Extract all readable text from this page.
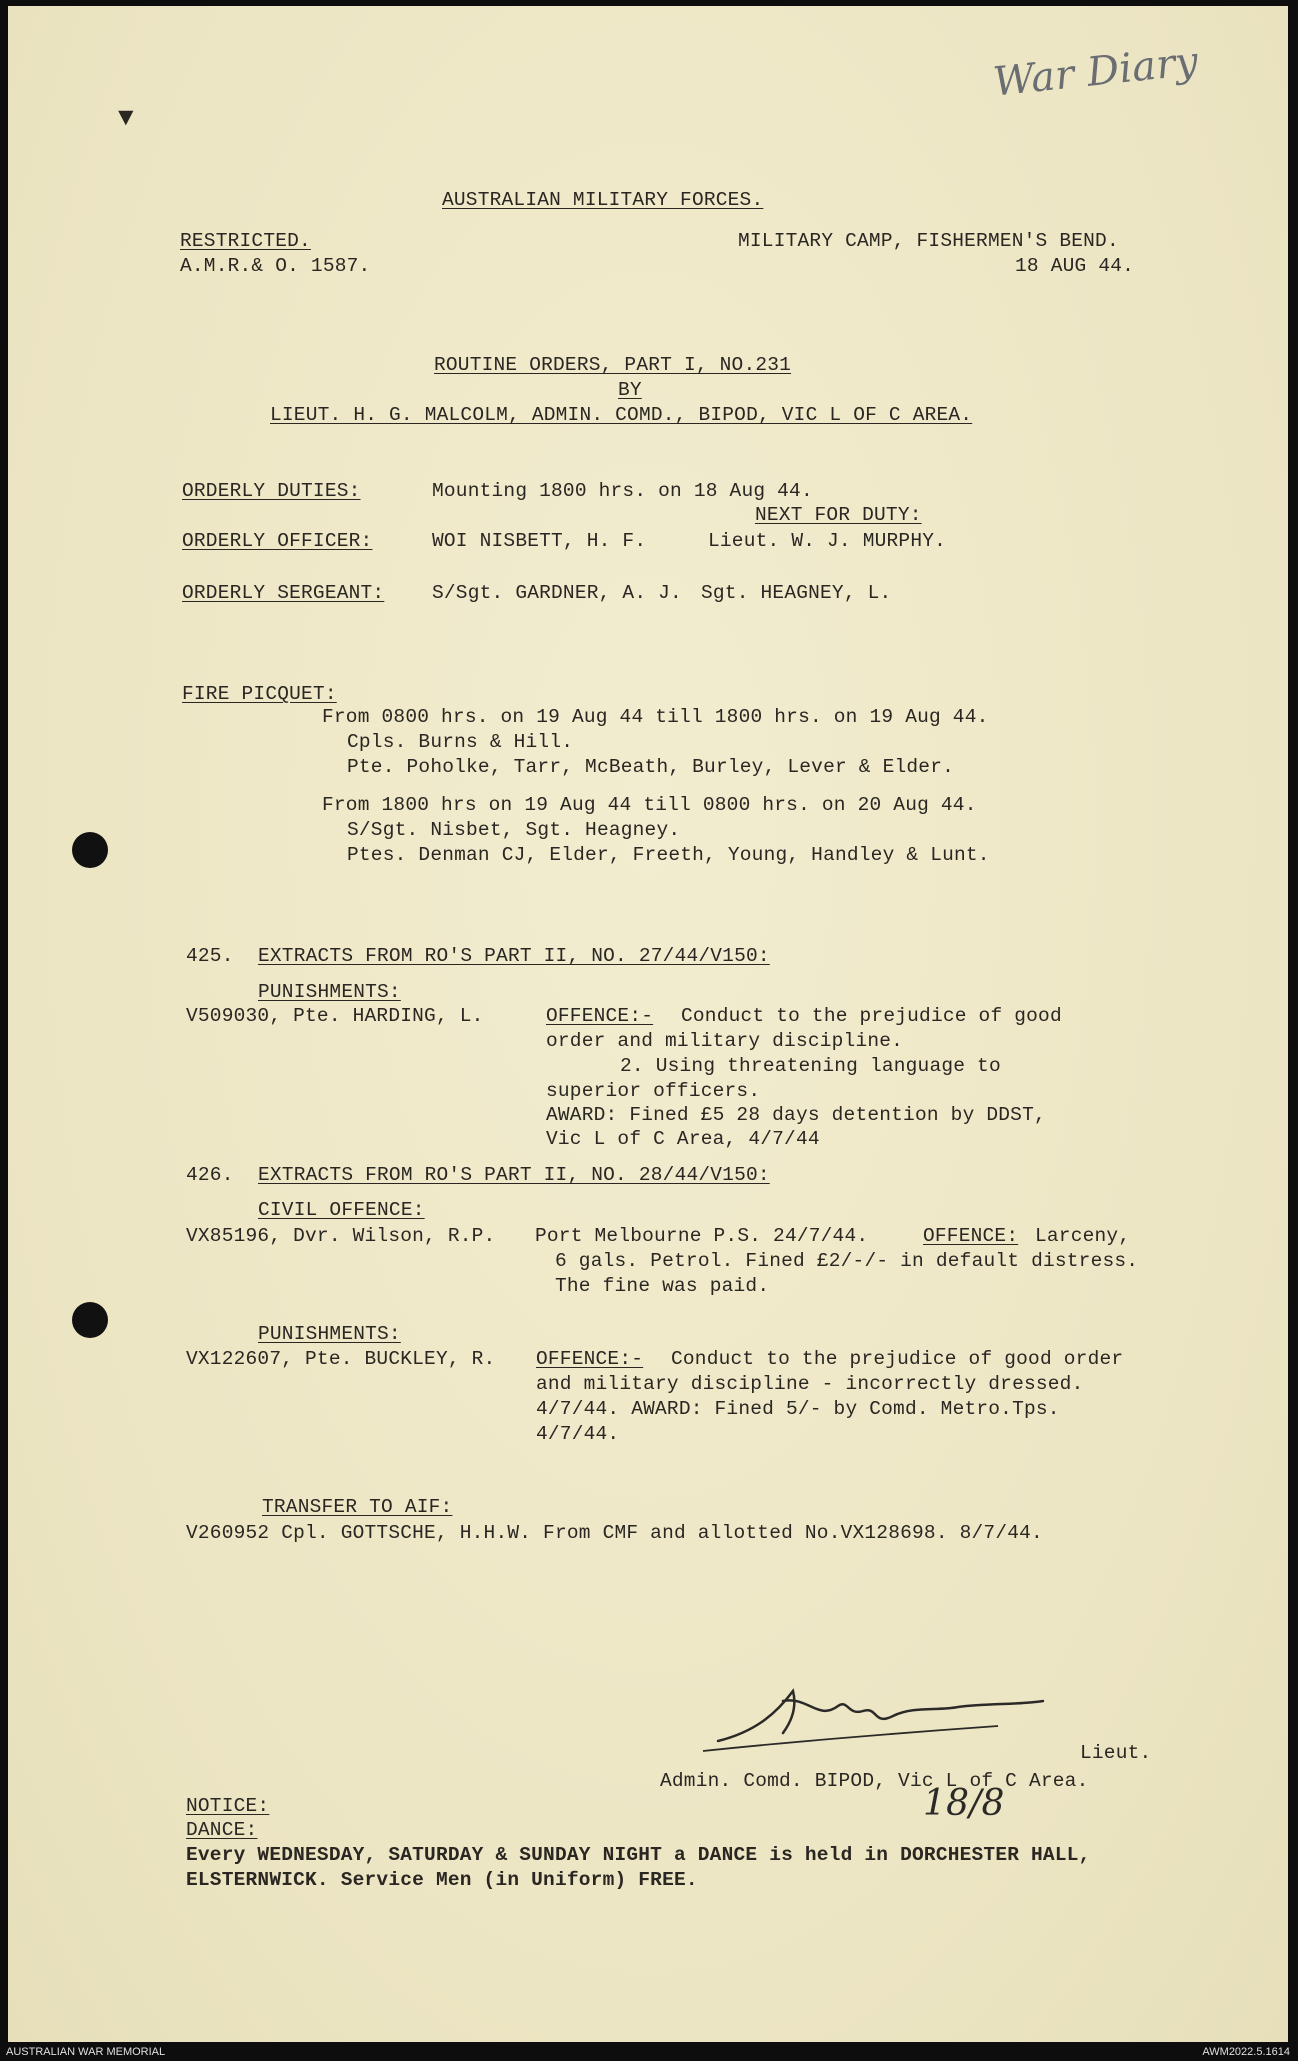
War Diary
▼
AUSTRALIAN MILITARY FORCES.
RESTRICTED.
A.M.R.& O. 1587.
MILITARY CAMP, FISHERMEN'S BEND.
18 AUG 44.
ROUTINE ORDERS, PART I, NO.231
BY
LIEUT. H. G. MALCOLM, ADMIN. COMD., BIPOD, VIC L OF C AREA.
ORDERLY DUTIES:	Mounting 1800 hrs. on 18 Aug 44.
NEXT FOR DUTY:
ORDERLY OFFICER:	WOI NISBETT, H. F.	Lieut. W. J. MURPHY.
ORDERLY SERGEANT: S/Sgt. GARDNER, A. J. Sgt. HEAGNEY, L.
FIRE PICQUET:
From 0800 hrs. on 19 Aug 44 till 1800 hrs. on 19 Aug 44.
Cpls. Burns & Hill.
Pte. Poholke, Tarr, McBeath, Burley, Lever & Elder.
From 1800 hrs on 19 Aug 44 till 0800 hrs. on 20 Aug 44.
S/Sgt. Nisbet, Sgt. Heagney.
Ptes. Denman CJ, Elder, Freeth, Young, Handley & Lunt.
425. EXTRACTS FROM RO'S PART II, NO. 27/44/V150:
PUNISHMENTS:
V509030, Pte. HARDING, L.	OFFENCE:- Conduct to the prejudice of good
order and military discipline.
2. Using threatening language to
superior officers.
AWARD: Fined £5 28 days detention by DDST,
Vic L of C Area, 4/7/44
426. EXTRACTS FROM RO'S PART II, NO. 28/44/V150:
CIVIL OFFENCE:
VX85196, Dvr. Wilson, R.P. Port Melbourne P.S. 24/7/44.	OFFENCE: Larceny,
6 gals. Petrol. Fined £2/-/- in default distress.
The fine was paid.
PUNISHMENTS:
VX122607, Pte. BUCKLEY, R. OFFENCE:- Conduct to the prejudice of good order
and military discipline - incorrectly dressed.
4/7/44. AWARD: Fined 5/- by Comd. Metro.Tps.
4/7/44.
TRANSFER TO AIF:
V260952 Cpl. GOTTSCHE, H.H.W. From CMF and allotted No.VX128698. 8/7/44.
Lieut.
Admin. Comd. BIPOD, Vic L of C Area.
18/8
NOTICE:
DANCE:
Every WEDNESDAY, SATURDAY & SUNDAY NIGHT a DANCE is held in DORCHESTER HALL,
ELSTERNWICK. Service Men (in Uniform) FREE.
AUSTRALIAN WAR MEMORIAL	AWM2022.5.1614
